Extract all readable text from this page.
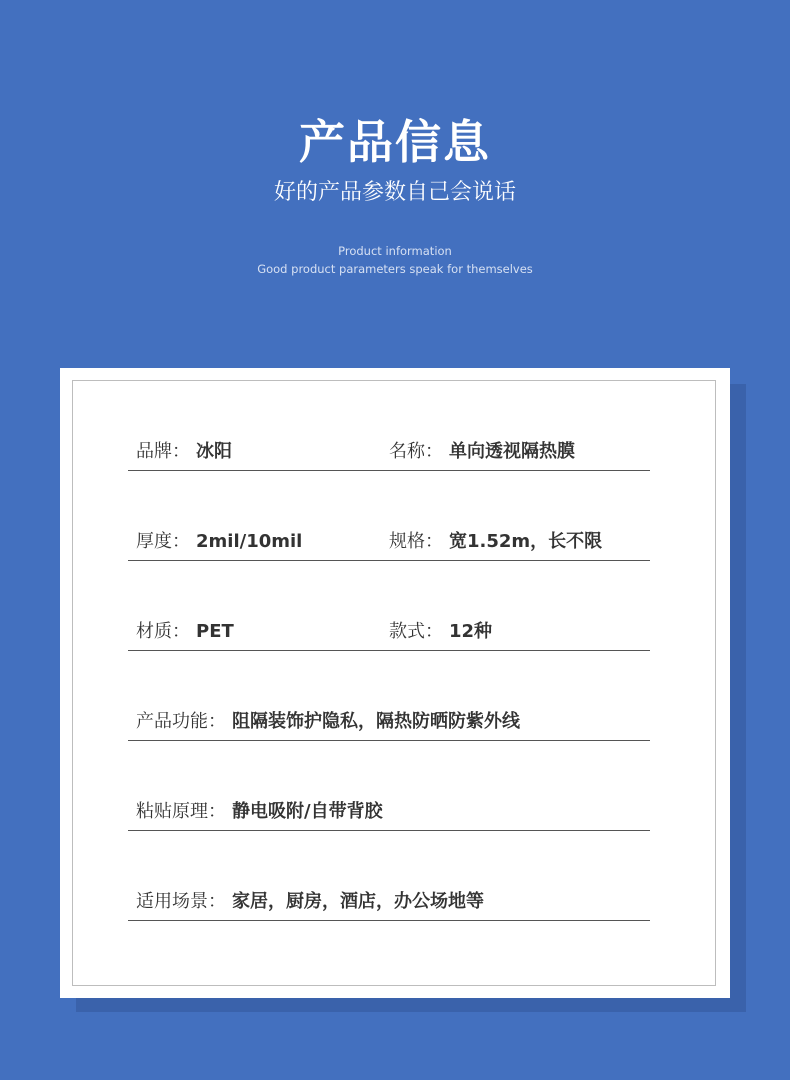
产品信息
好的产品参数自己会说话
Product information
Good product parameters speak for themselves
品牌： 冰阳	名称： 单向透视隔热膜
厚度： 2mil/10mil	规格： 宽1.52m，长不限
材质： PET	款式： 12种
产品功能： 阻隔装饰护隐私，隔热防晒防紫外线
粘贴原理： 静电吸附/自带背胶
适用场景： 家居，厨房，酒店，办公场地等
